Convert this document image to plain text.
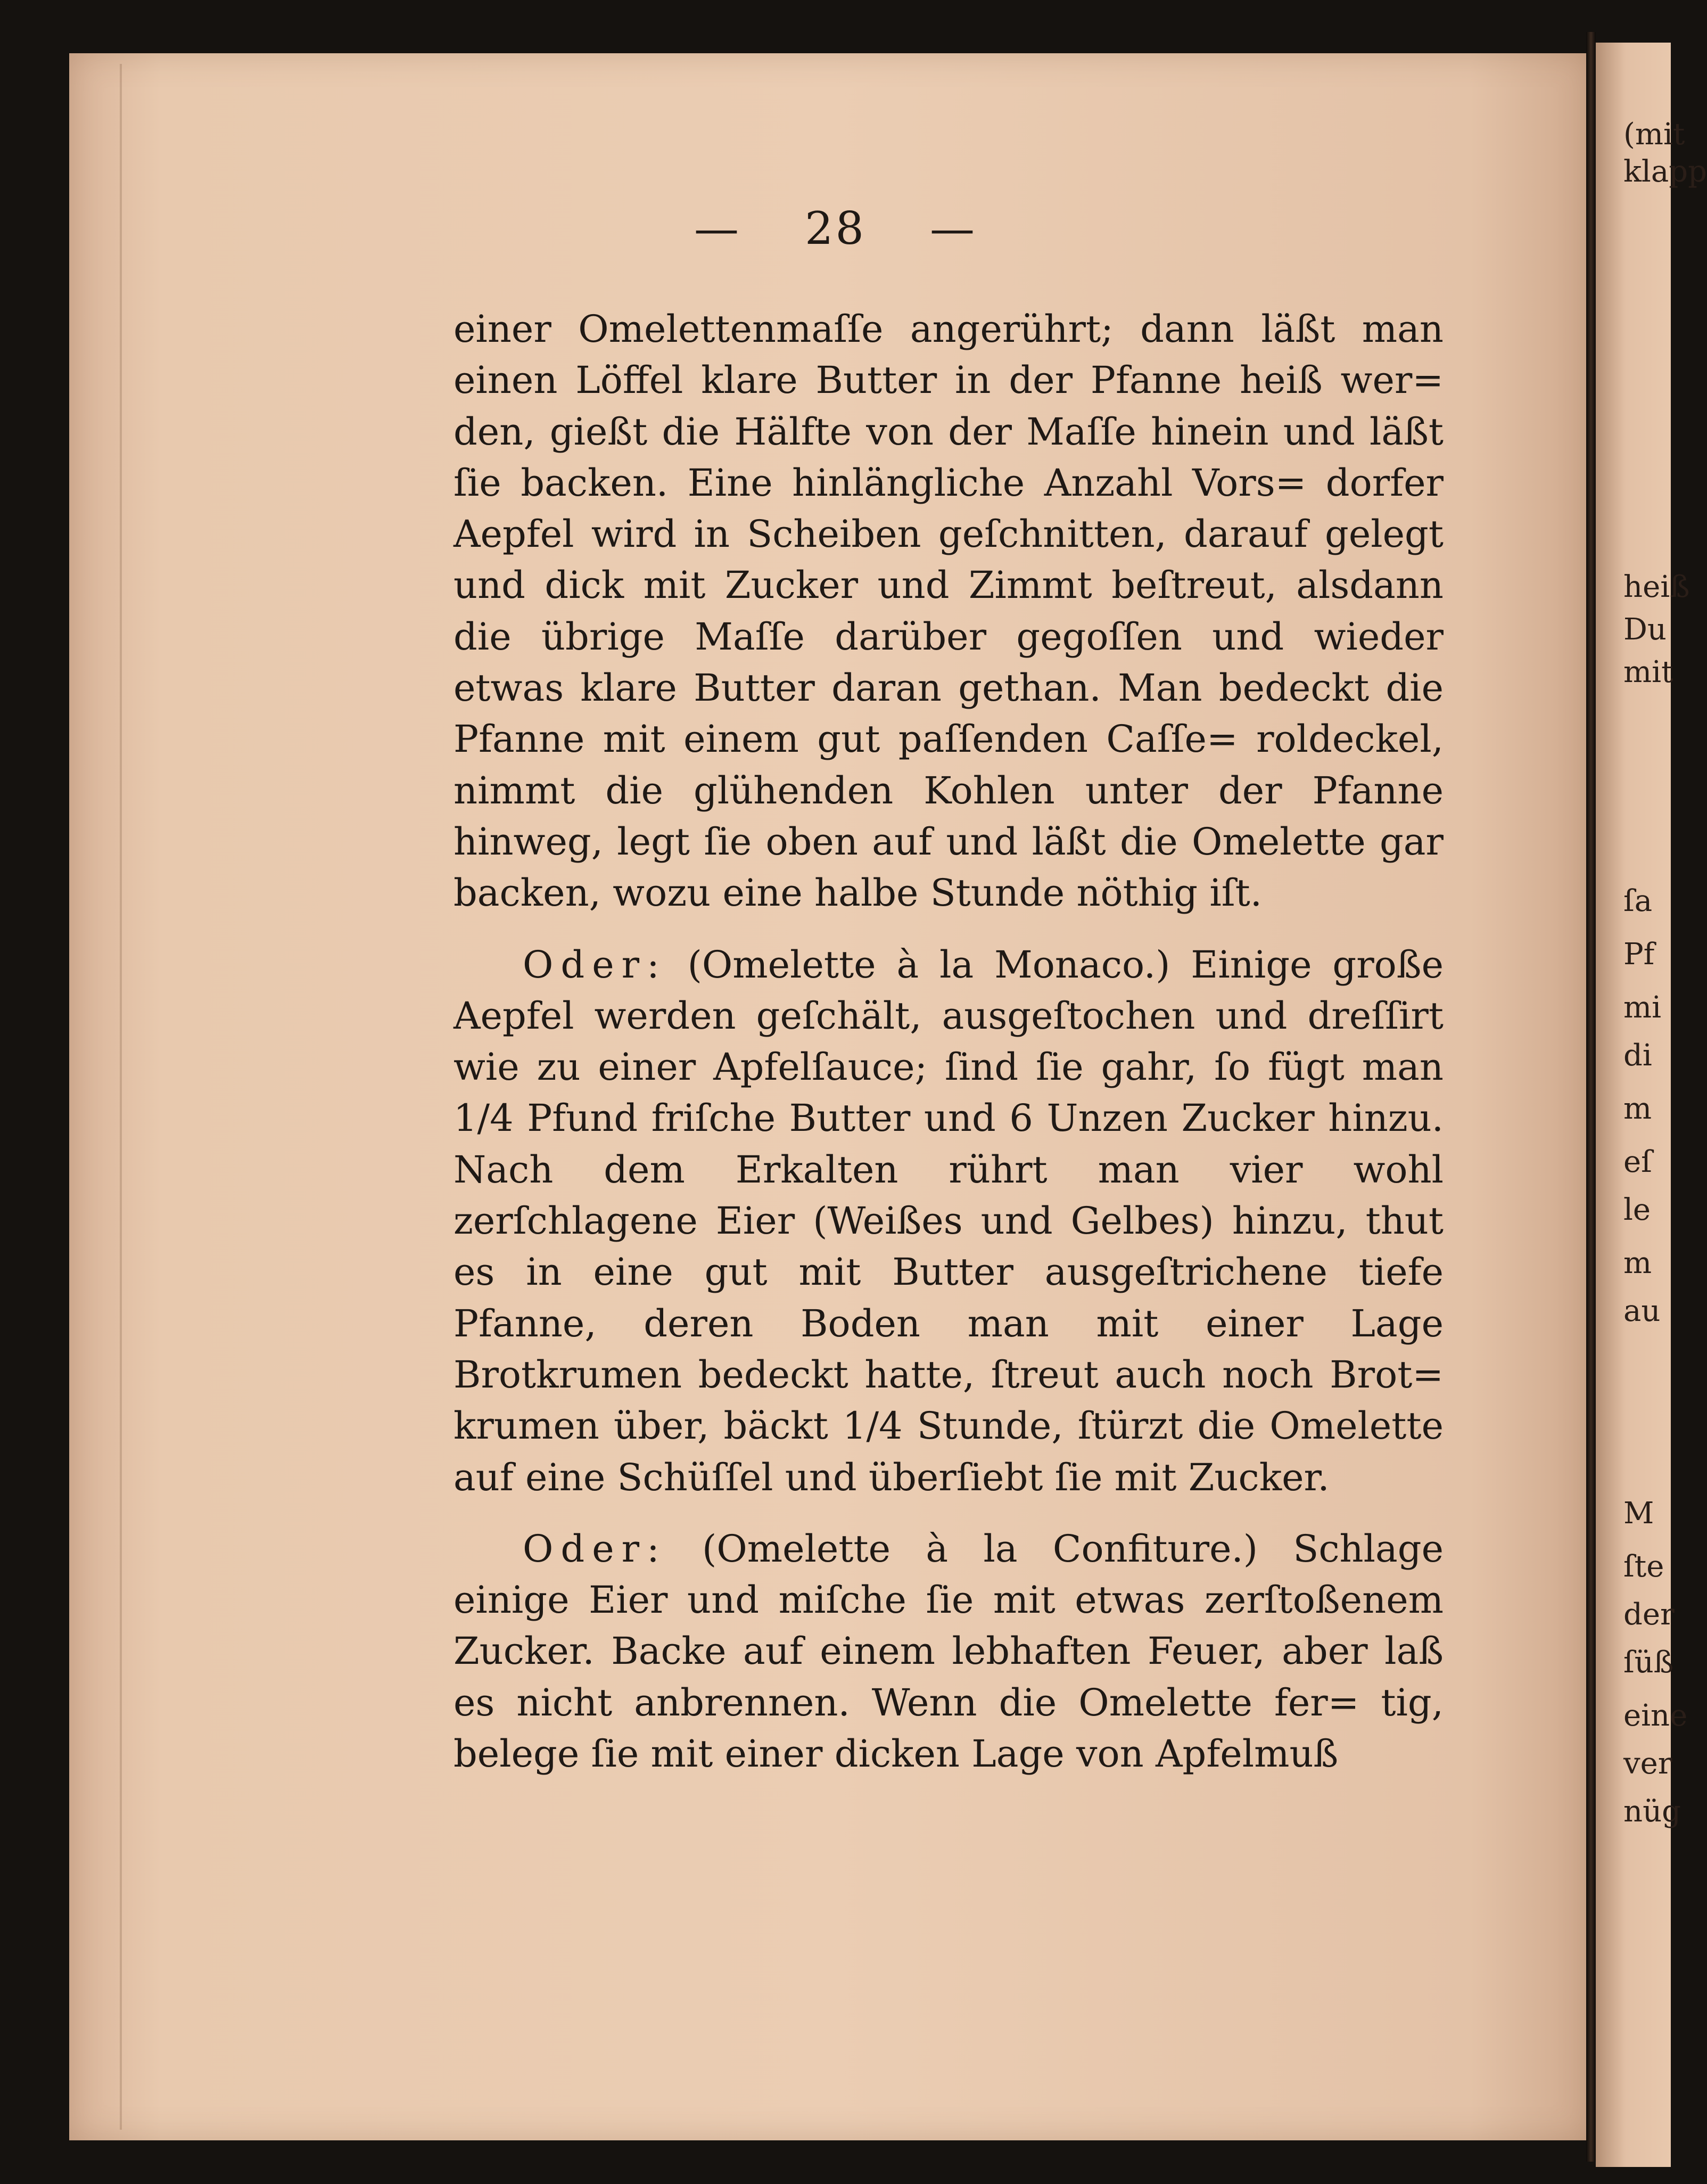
(mit
klapp
heiß
Du
mit
ſa
Pf
mi
di
m
eſ
le
m
au
M
ſte
der
ſüß
eine
ver
nüg
— 28 —

einer Omelettenmaſſe angerührt; dann läßt man einen Löffel klare Butter in der Pfanne heiß wer= den, gießt die Hälfte von der Maſſe hinein und läßt ſie backen. Eine hinlängliche Anzahl Vors= dorfer Aepfel wird in Scheiben geſchnitten, darauf gelegt und dick mit Zucker und Zimmt beſtreut, alsdann die übrige Maſſe darüber gegoſſen und wieder etwas klare Butter daran gethan. Man bedeckt die Pfanne mit einem gut paſſenden Caſſe= roldeckel, nimmt die glühenden Kohlen unter der Pfanne hinweg, legt ſie oben auf und läßt die Omelette gar backen, wozu eine halbe Stunde nöthig iſt.

Oder: (Omelette à la Monaco.) Einige große Aepfel werden geſchält, ausgeſtochen und dreſſirt wie zu einer Apfelſauce; ſind ſie gahr, ſo fügt man 1/4 Pfund friſche Butter und 6 Unzen Zucker hinzu. Nach dem Erkalten rührt man vier wohl zerſchlagene Eier (Weißes und Gelbes) hinzu, thut es in eine gut mit Butter ausgeſtrichene tiefe Pfanne, deren Boden man mit einer Lage Brotkrumen bedeckt hatte, ſtreut auch noch Brot= krumen über, bäckt 1/4 Stunde, ſtürzt die Omelette auf eine Schüſſel und überſiebt ſie mit Zucker.

Oder: (Omelette à la Confiture.) Schlage einige Eier und miſche ſie mit etwas zerſtoßenem Zucker. Backe auf einem lebhaften Feuer, aber laß es nicht anbrennen. Wenn die Omelette fer= tig, belege ſie mit einer dicken Lage von Apfelmuß
